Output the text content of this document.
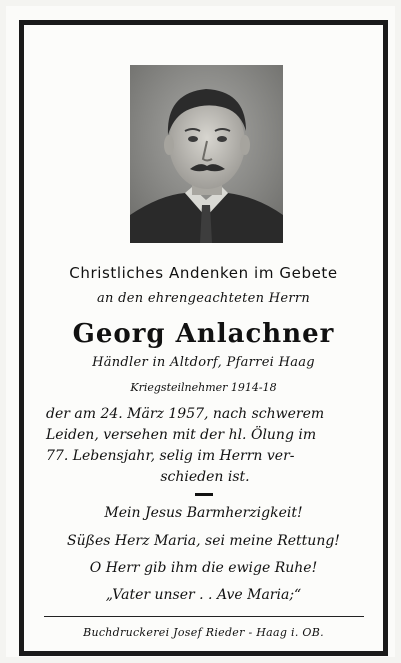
Christliches Andenken im Gebete
an den ehrengeachteten Herrn
Georg Anlachner
Händler in Altdorf, Pfarrei Haag
Kriegsteilnehmer 1914-18
der am 24. März 1957, nach schwerem
Leiden, versehen mit der hl. Ölung im
77. Lebensjahr, selig im Herrn ver-

schieden ist.
Mein Jesus Barmherzigkeit!
Süßes Herz Maria, sei meine Rettung!
O Herr gib ihm die ewige Ruhe!
„Vater unser . . Ave Maria;“
Buchdruckerei Josef Rieder - Haag i. OB.
